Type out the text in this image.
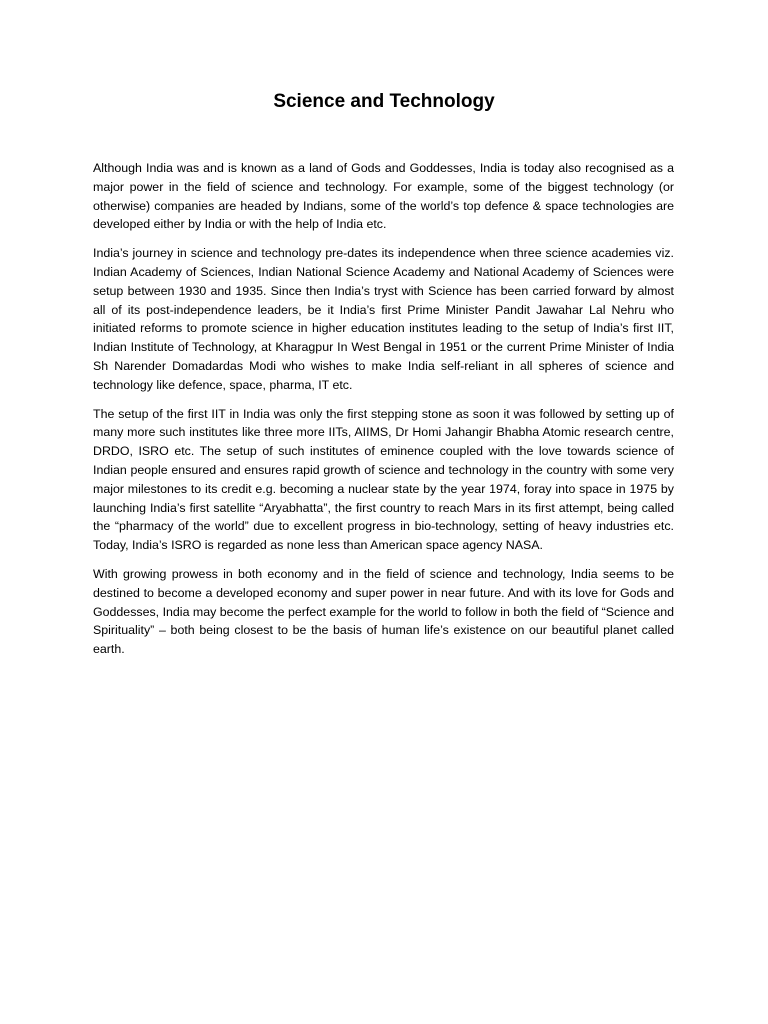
Science and Technology

Although India was and is known as a land of Gods and Goddesses, India is today also recognised as a major power in the field of science and technology. For example, some of the biggest technology (or otherwise) companies are headed by Indians, some of the world’s top defence & space technologies are developed either by India or with the help of India etc.

India’s journey in science and technology pre-dates its independence when three science academies viz. Indian Academy of Sciences, Indian National Science Academy and National Academy of Sciences were setup between 1930 and 1935. Since then India’s tryst with Science has been carried forward by almost all of its post-independence leaders, be it India’s first Prime Minister Pandit Jawahar Lal Nehru who initiated reforms to promote science in higher education institutes leading to the setup of India’s first IIT, Indian Institute of Technology, at Kharagpur In West Bengal in 1951 or the current Prime Minister of India Sh Narender Domadardas Modi who wishes to make India self-reliant in all spheres of science and technology like defence, space, pharma, IT etc.

The setup of the first IIT in India was only the first stepping stone as soon it was followed by setting up of many more such institutes like three more IITs, AIIMS, Dr Homi Jahangir Bhabha Atomic research centre, DRDO, ISRO etc. The setup of such institutes of eminence coupled with the love towards science of Indian people ensured and ensures rapid growth of science and technology in the country with some very major milestones to its credit e.g. becoming a nuclear state by the year 1974, foray into space in 1975 by launching India’s first satellite “Aryabhatta”, the first country to reach Mars in its first attempt, being called the “pharmacy of the world” due to excellent progress in bio-technology, setting of heavy industries etc. Today, India’s ISRO is regarded as none less than American space agency NASA.

With growing prowess in both economy and in the field of science and technology, India seems to be destined to become a developed economy and super power in near future. And with its love for Gods and Goddesses, India may become the perfect example for the world to follow in both the field of “Science and Spirituality” – both being closest to be the basis of human life’s existence on our beautiful planet called earth.
